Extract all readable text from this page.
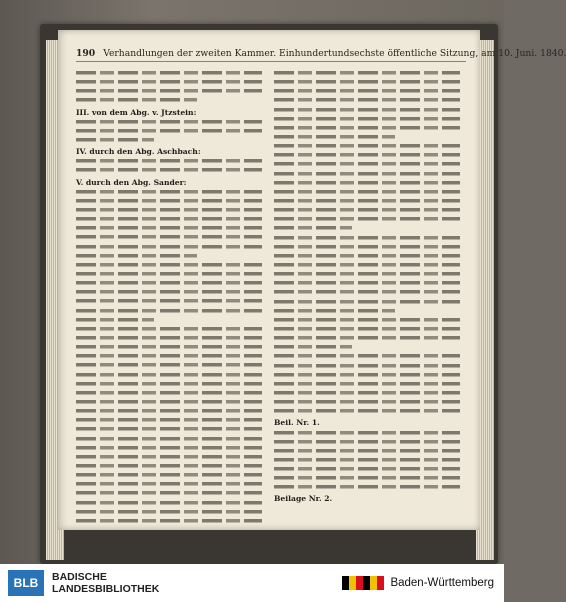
190 Verhandlungen der zweiten Kammer. Einhundertundsechste öffentliche Sitzung, am 10. Juni. 1840.
III. von dem Abg. v. Jtzstein:
IV. durch den Abg. Aschbach:
V. durch den Abg. Sander:
Beil. Nr. 1.
Beilage Nr. 2.
BLB	BADISCHE
LANDESBIBLIOTHEK	Baden-Württemberg
